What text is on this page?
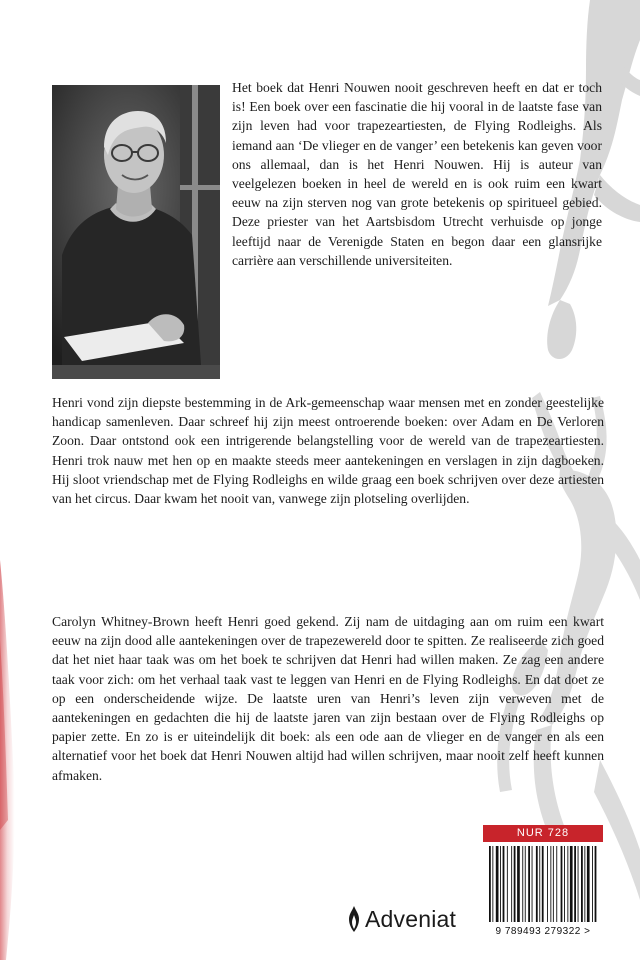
Het boek dat Henri Nouwen nooit geschreven heeft en dat er toch is! Een boek over een fascinatie die hij vooral in de laatste fase van zijn leven had voor trapezeartiesten, de Flying Rodleighs. Als iemand aan ‘De vlieger en de vanger’ een betekenis kan geven voor ons allemaal, dan is het Henri Nouwen. Hij is auteur van veelgelezen boeken in heel de wereld en is ook ruim een kwart eeuw na zijn sterven nog van grote betekenis op spiritueel gebied. Deze priester van het Aartsbisdom Utrecht verhuisde op jonge leeftijd naar de Verenigde Staten en begon daar een glansrijke carrière aan verschillende universiteiten.

Henri vond zijn diepste bestemming in de Ark-gemeenschap waar mensen met en zonder geestelijke handicap samenleven. Daar schreef hij zijn meest ontroerende boeken: over Adam en De Verloren Zoon. Daar ontstond ook een intrigerende belangstelling voor de wereld van de trapezeartiesten. Henri trok nauw met hen op en maakte steeds meer aantekeningen en verslagen in zijn dagboeken. Hij sloot vriendschap met de Flying Rodleighs en wilde graag een boek schrijven over deze artiesten van het circus. Daar kwam het nooit van, vanwege zijn plotseling overlijden.

Carolyn Whitney-Brown heeft Henri goed gekend. Zij nam de uitdaging aan om ruim een kwart eeuw na zijn dood alle aantekeningen over de trapezewereld door te spitten. Ze realiseerde zich goed dat het niet haar taak was om het boek te schrijven dat Henri had willen maken. Ze zag een andere taak voor zich: om het verhaal taak vast te leggen van Henri en de Flying Rodleighs. En dat doet ze op een onderscheidende wijze. De laatste uren van Henri’s leven zijn verweven met de aantekeningen en gedachten die hij de laatste jaren van zijn bestaan over de Flying Rodleighs op papier zette. En zo is er uiteindelijk dit boek: als een ode aan de vlieger en de vanger en als een alternatief voor het boek dat Henri Nouwen altijd had willen schrijven, maar nooit zelf heeft kunnen afmaken.

Adveniat
NUR 728
9 789493 279322 >
